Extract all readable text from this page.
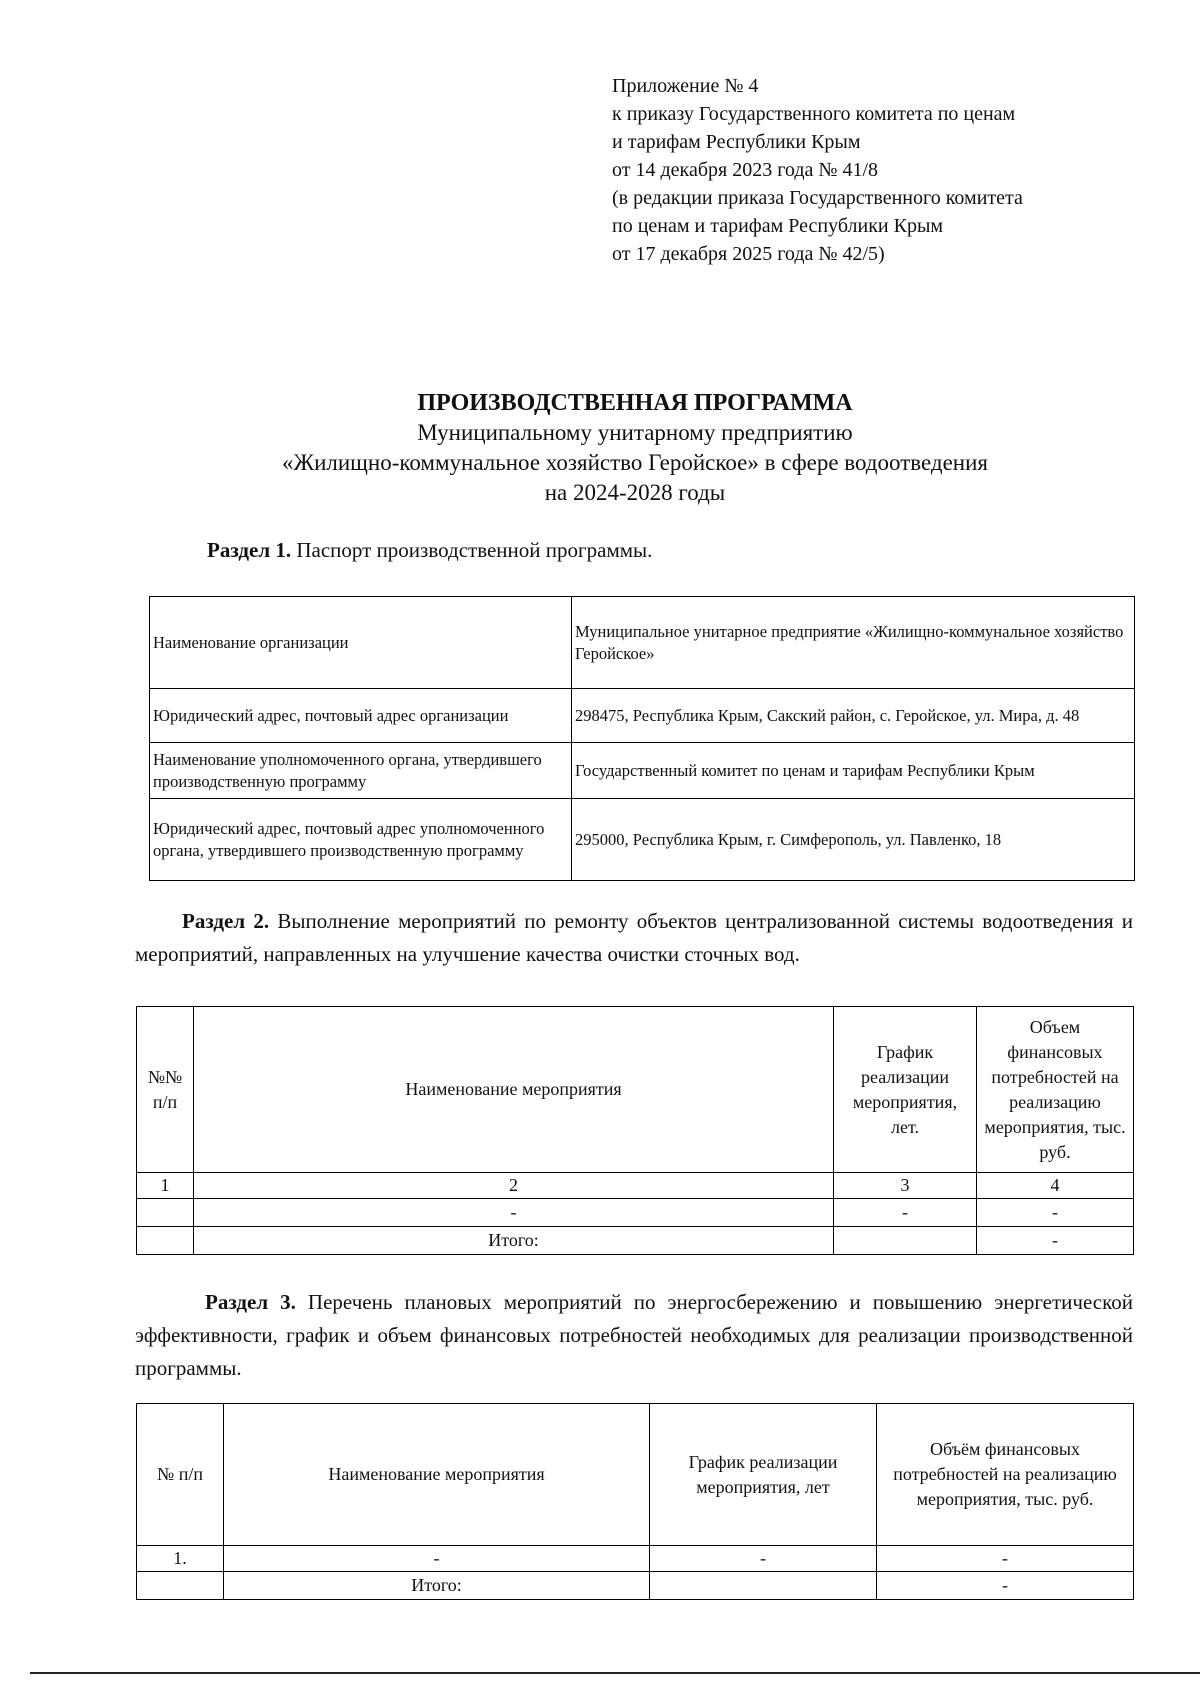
Приложение № 4
к приказу Государственного комитета по ценам
и тарифам Республики Крым
от 14 декабря 2023 года № 41/8
(в редакции приказа Государственного комитета
по ценам и тарифам Республики Крым
от 17 декабря 2025 года № 42/5)
ПРОИЗВОДСТВЕННАЯ ПРОГРАММА
Муниципальному унитарному предприятию
«Жилищно-коммунальное хозяйство Геройское» в сфере водоотведения
на 2024-2028 годы
Раздел 1. Паспорт производственной программы.
Наименование организации	Муниципальное унитарное предприятие «Жилищно-коммунальное хозяйство Геройское»
Юридический адрес, почтовый адрес организации	298475, Республика Крым, Сакский район, с. Геройское, ул. Мира, д. 48
Наименование уполномоченного органа, утвердившего производственную программу	Государственный комитет по ценам и тарифам Республики Крым
Юридический адрес, почтовый адрес уполномоченного органа, утвердившего производственную программу	295000, Республика Крым, г. Симферополь, ул. Павленко, 18
Раздел 2. Выполнение мероприятий по ремонту объектов централизованной системы водоотведения и мероприятий, направленных на улучшение качества очистки сточных вод.
№№ п/п	Наименование мероприятия	График реализации мероприятия, лет.	Объем финансовых потребностей на реализацию мероприятия, тыс. руб.
1	2	3	4
	-	-	-
	Итого:		-
Раздел 3. Перечень плановых мероприятий по энергосбережению и повышению энергетической эффективности, график и объем финансовых потребностей необходимых для реализации производственной программы.
№ п/п	Наименование мероприятия	График реализации мероприятия, лет	Объём финансовых потребностей на реализацию мероприятия, тыс. руб.
1.	-	-	-
	Итого:		-
